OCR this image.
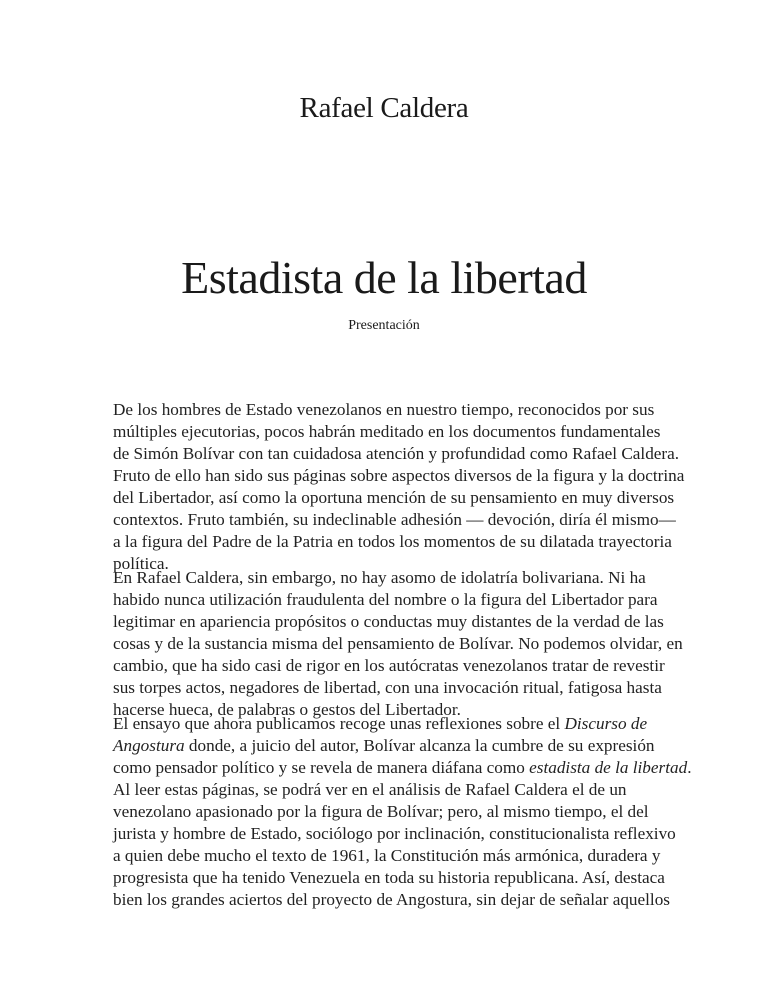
Rafael Caldera
Estadista de la libertad
Presentación
De los hombres de Estado venezolanos en nuestro tiempo, reconocidos por sus
múltiples ejecutorias, pocos habrán meditado en los documentos fundamentales
de Simón Bolívar con tan cuidadosa atención y profundidad como Rafael Caldera.
Fruto de ello han sido sus páginas sobre aspectos diversos de la figura y la doctrina
del Libertador, así como la oportuna mención de su pensamiento en muy diversos
contextos. Fruto también, su indeclinable adhesión — devoción, diría él mismo—
a la figura del Padre de la Patria en todos los momentos de su dilatada trayectoria
política.
En Rafael Caldera, sin embargo, no hay asomo de idolatría bolivariana. Ni ha
habido nunca utilización fraudulenta del nombre o la figura del Libertador para
legitimar en apariencia propósitos o conductas muy distantes de la verdad de las
cosas y de la sustancia misma del pensamiento de Bolívar. No podemos olvidar, en
cambio, que ha sido casi de rigor en los autócratas venezolanos tratar de revestir
sus torpes actos, negadores de libertad, con una invocación ritual, fatigosa hasta
hacerse hueca, de palabras o gestos del Libertador.
El ensayo que ahora publicamos recoge unas reflexiones sobre el Discurso de
Angostura donde, a juicio del autor, Bolívar alcanza la cumbre de su expresión
como pensador político y se revela de manera diáfana como estadista de la libertad.
Al leer estas páginas, se podrá ver en el análisis de Rafael Caldera el de un
venezolano apasionado por la figura de Bolívar; pero, al mismo tiempo, el del
jurista y hombre de Estado, sociólogo por inclinación, constitucionalista reflexivo
a quien debe mucho el texto de 1961, la Constitución más armónica, duradera y
progresista que ha tenido Venezuela en toda su historia republicana. Así, destaca
bien los grandes aciertos del proyecto de Angostura, sin dejar de señalar aquellos
